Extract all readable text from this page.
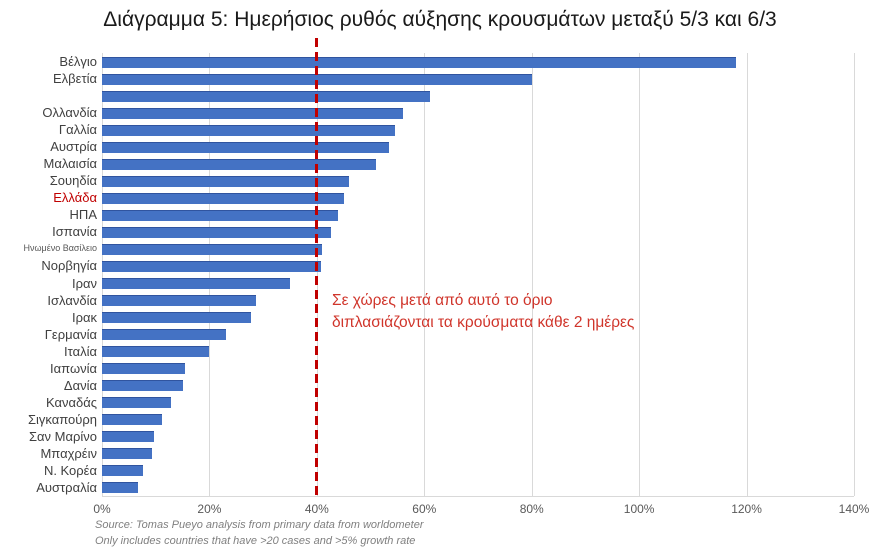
Διάγραμμα 5: Ημερήσιος ρυθός αύξησης κρουσμάτων μεταξύ 5/3 και 6/3
Βέλγιο
Ελβετία
Ολλανδία
Γαλλία
Αυστρία
Μαλαισία
Σουηδία
Ελλάδα
ΗΠΑ
Ισπανία
Ηνωμένο Βασίλειο
Νορβηγία
Ιραν
Ισλανδία
Ιρακ
Γερμανία
Ιταλία
Ιαπωνία
Δανία
Καναδάς
Σιγκαπούρη
Σαν Μαρίνο
Μπαχρέιν
Ν. Κορέα
Αυστραλία
Σε χώρες μετά από αυτό το όριο
διπλασιάζονται τα κρούσματα κάθε 2 ημέρες
0%	20%	40%	60%	80%	100%	120%	140%
Source: Tomas Pueyo analysis from primary data from worldometer
Only includes countries that have >20 cases and >5% growth rate
